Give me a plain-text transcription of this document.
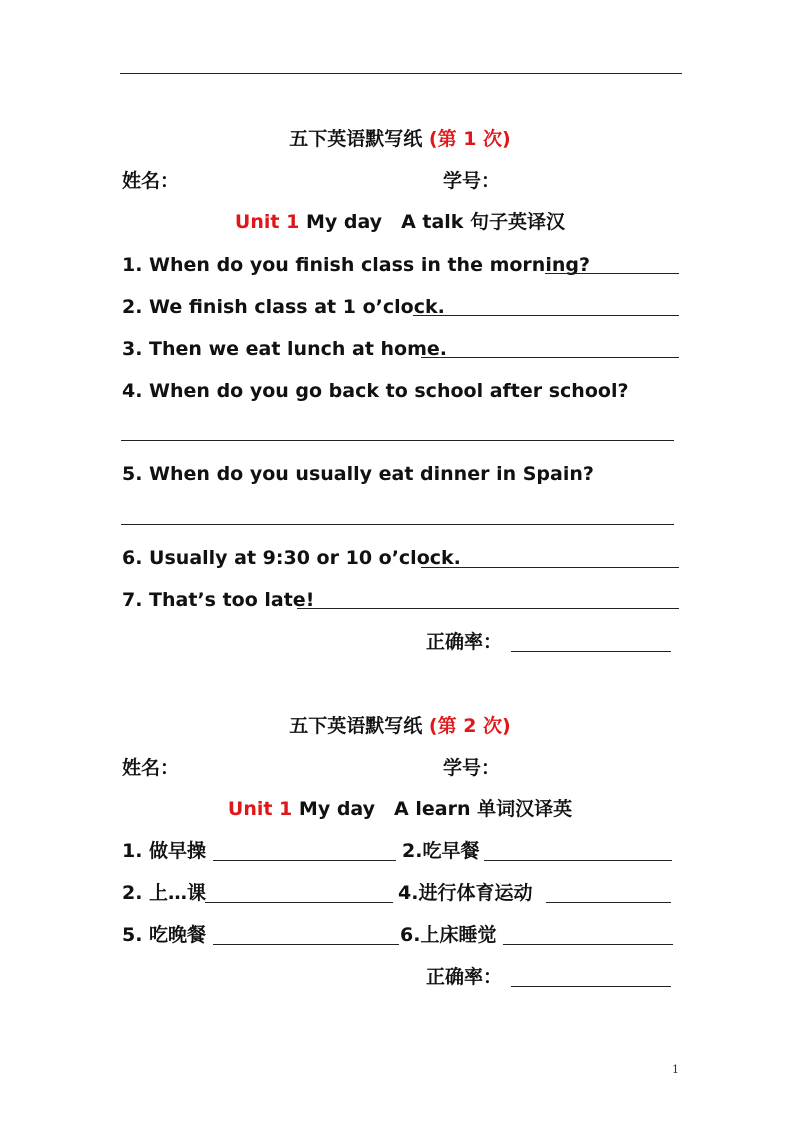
五下英语默写纸 (第 1 次)
姓名：	学号：
Unit 1 My day　A talk 句子英译汉
1. When do you finish class in the morning?
2. We finish class at 1 o’clock.
3. Then we eat lunch at home.
4. When do you go back to school after school?
5. When do you usually eat dinner in Spain?
6. Usually at 9:30 or 10 o’clock.
7. That’s too late!
正确率：
五下英语默写纸 (第 2 次)
姓名：	学号：
Unit 1 My day　A learn 单词汉译英
1. 做早操	2.吃早餐
2. 上…课	4.进行体育运动
5. 吃晚餐	6.上床睡觉
正确率：
1
